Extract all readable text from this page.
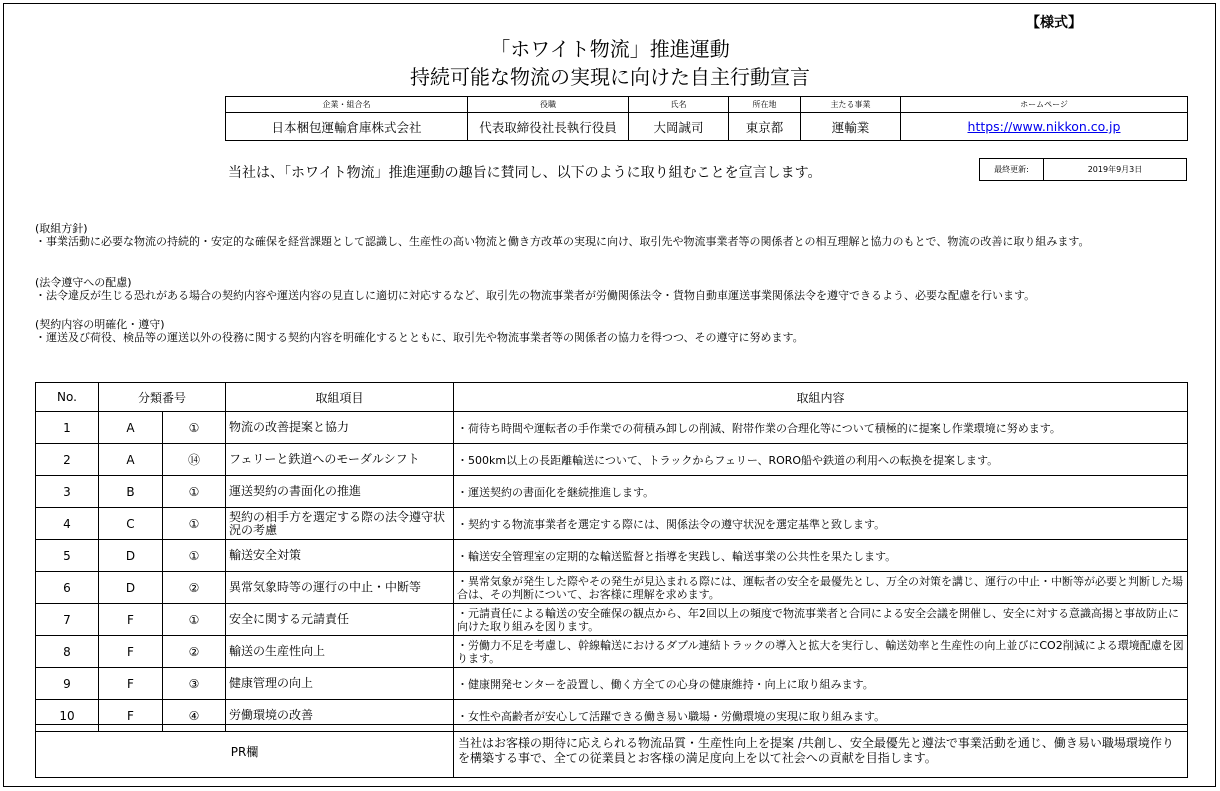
【様式】
「ホワイト物流」推進運動
持続可能な物流の実現に向けた自主行動宣言
企業・組合名	役職	氏名	所在地	主たる事業	ホームページ
日本梱包運輸倉庫株式会社	代表取締役社長執行役員	大岡誠司	東京都	運輸業	https://www.nikkon.co.jp
当社は、「ホワイト物流」推進運動の趣旨に賛同し、以下のように取り組むことを宣言します。	最終更新:	2019年9月3日
(取組方針)
・事業活動に必要な物流の持続的・安定的な確保を経営課題として認識し、生産性の高い物流と働き方改革の実現に向け、取引先や物流事業者等の関係者との相互理解と協力のもとで、物流の改善に取り組みます。
(法令遵守への配慮)
・法令違反が生じる恐れがある場合の契約内容や運送内容の見直しに適切に対応するなど、取引先の物流事業者が労働関係法令・貨物自動車運送事業関係法令を遵守できるよう、必要な配慮を行います。
(契約内容の明確化・遵守)
・運送及び荷役、検品等の運送以外の役務に関する契約内容を明確化するとともに、取引先や物流事業者等の関係者の協力を得つつ、その遵守に努めます。
No.	分類番号		取組項目	取組内容
1	A	①	物流の改善提案と協力	・荷待ち時間や運転者の手作業での荷積み卸しの削減、附帯作業の合理化等について積極的に提案し作業環境に努めます。
2	A	⑭	フェリーと鉄道へのモーダルシフト	・500km以上の長距離輸送について、トラックからフェリー、RORO船や鉄道の利用への転換を提案します。
3	B	①	運送契約の書面化の推進	・運送契約の書面化を継続推進します。
4	C	①	契約の相手方を選定する際の法令遵守状況の考慮	・契約する物流事業者を選定する際には、関係法令の遵守状況を選定基準と致します。
5	D	①	輸送安全対策	・輸送安全管理室の定期的な輸送監督と指導を実践し、輸送事業の公共性を果たします。
6	D	②	異常気象時等の運行の中止・中断等	・異常気象が発生した際やその発生が見込まれる際には、運転者の安全を最優先とし、万全の対策を講じ、運行の中止・中断等が必要と判断した場合は、その判断について、お客様に理解を求めます。
7	F	①	安全に関する元請責任	・元請責任による輸送の安全確保の観点から、年2回以上の頻度で物流事業者と合同による安全会議を開催し、安全に対する意識高揚と事故防止に向けた取り組みを図ります。
8	F	②	輸送の生産性向上	・労働力不足を考慮し、幹線輸送におけるダブル連結トラックの導入と拡大を実行し、輸送効率と生産性の向上並びにCO2削減による環境配慮を図ります。
9	F	③	健康管理の向上	・健康開発センターを設置し、働く方全ての心身の健康維持・向上に取り組みます。
10	F	④	労働環境の改善	・女性や高齢者が安心して活躍できる働き易い職場・労働環境の実現に取り組みます。
PR欄	当社はお客様の期待に応えられる物流品質・生産性向上を提案 /共創し、安全最優先と遵法で事業活動を通じ、働き易い職場環境作りを構築する事で、全ての従業員とお客様の満足度向上を以て社会への貢献を目指します。
